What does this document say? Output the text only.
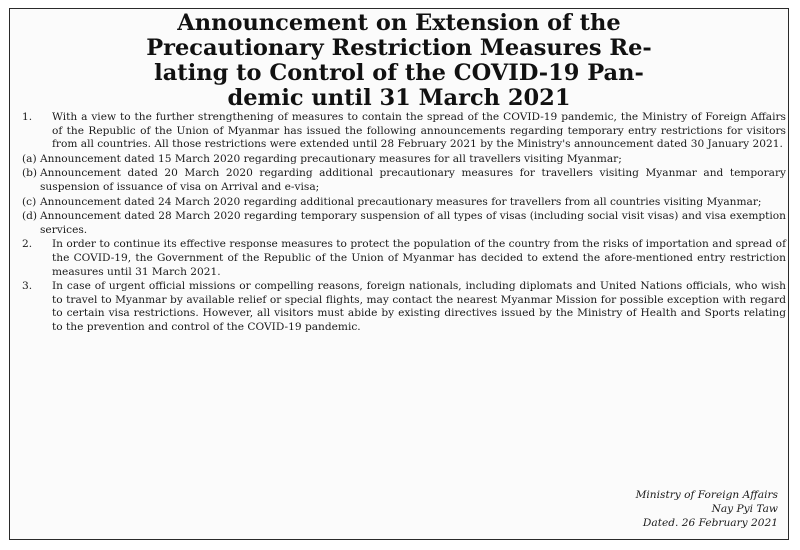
Announcement on Extension of the
Precautionary Restriction Measures Re-
lating to Control of the COVID-19 Pan-
demic until 31 March 2021
1.	With a view to the further strengthening of measures to contain the spread of the COVID-19 pandemic, the Ministry of Foreign Affairs of the Republic of the Union of Myanmar has issued the following announcements regarding temporary entry restrictions for visitors from all countries. All those restrictions were extended until 28 February 2021 by the Ministry's announcement dated 30 January 2021.
(a) Announcement dated 15 March 2020 regarding precautionary measures for all travellers visiting Myanmar;
(b) Announcement dated 20 March 2020 regarding additional precautionary measures for travellers visiting Myanmar and temporary suspension of issuance of visa on Arrival and e-visa;
(c) Announcement dated 24 March 2020 regarding additional precautionary measures for travellers from all countries visiting Myanmar;
(d) Announcement dated 28 March 2020 regarding temporary suspension of all types of visas (including social visit visas) and visa exemption services.
2.	In order to continue its effective response measures to protect the population of the country from the risks of importation and spread of the COVID-19, the Government of the Republic of the Union of Myanmar has decided to extend the afore-mentioned entry restriction measures until 31 March 2021.
3.	In case of urgent official missions or compelling reasons, foreign nationals, including diplomats and United Nations officials, who wish to travel to Myanmar by available relief or special flights, may contact the nearest Myanmar Mission for possible exception with regard to certain visa restrictions. However, all visitors must abide by existing directives issued by the Ministry of Health and Sports relating to the prevention and control of the COVID-19 pandemic.
Ministry of Foreign Affairs
Nay Pyi Taw
Dated. 26 February 2021
